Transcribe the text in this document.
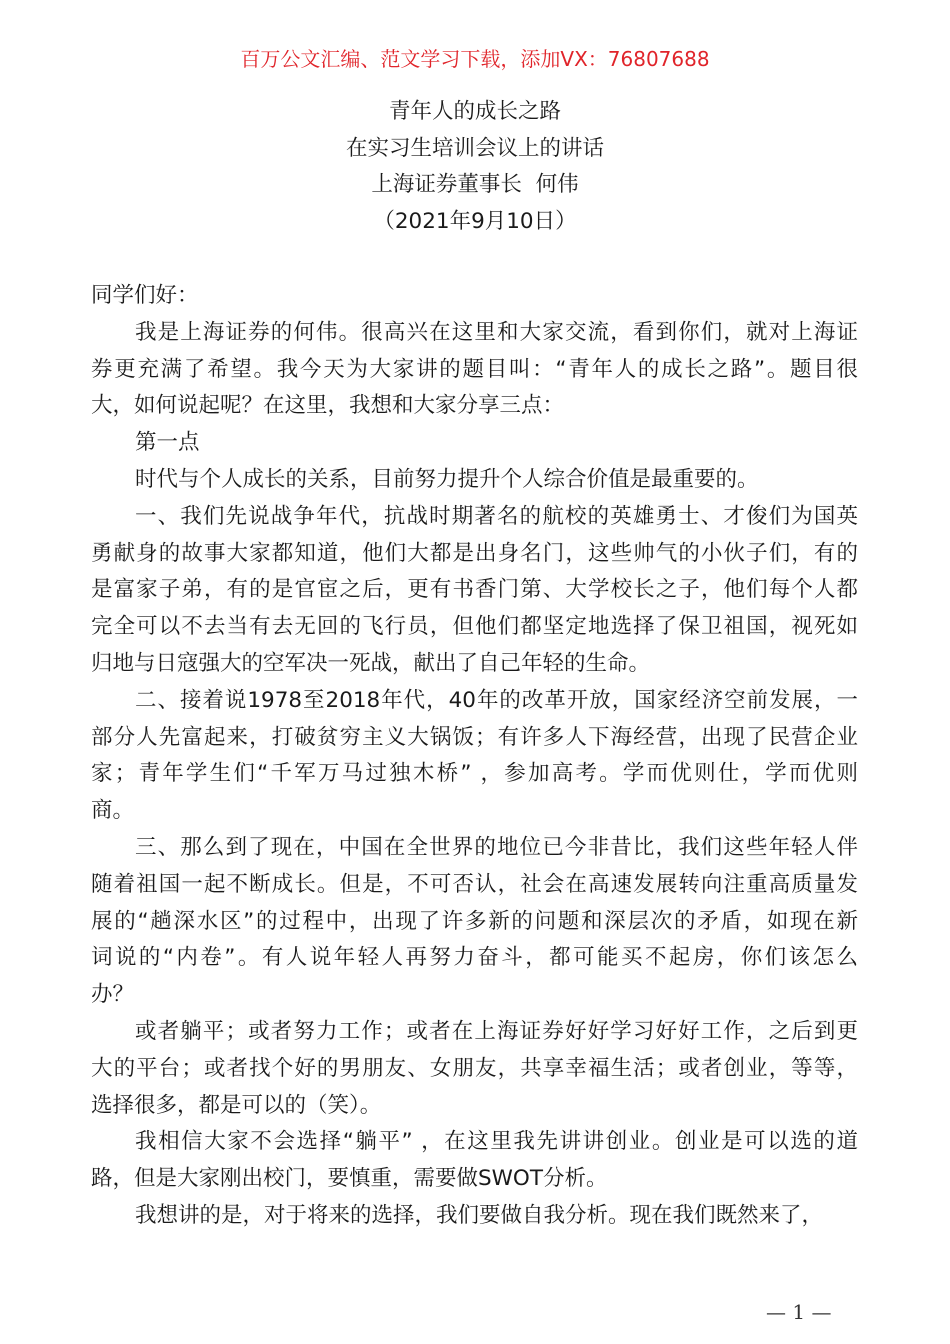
百万公文汇编、范文学习下载，添加VX：76807688
青年人的成长之路
在实习生培训会议上的讲话
上海证券董事长  何伟
（2021年9月10日）
同学们好：
我是上海证券的何伟。很高兴在这里和大家交流，看到你们，就对上海证
券更充满了希望。我今天为大家讲的题目叫：“青年人的成长之路”。题目很
大，如何说起呢？在这里，我想和大家分享三点：
第一点
时代与个人成长的关系，目前努力提升个人综合价值是最重要的。
一、我们先说战争年代，抗战时期著名的航校的英雄勇士、才俊们为国英
勇献身的故事大家都知道，他们大都是出身名门，这些帅气的小伙子们，有的
是富家子弟，有的是官宦之后，更有书香门第、大学校长之子，他们每个人都
完全可以不去当有去无回的飞行员，但他们都坚定地选择了保卫祖国，视死如
归地与日寇强大的空军决一死战，献出了自己年轻的生命。
二、接着说1978至2018年代，40年的改革开放，国家经济空前发展，一
部分人先富起来，打破贫穷主义大锅饭；有许多人下海经营，出现了民营企业
家；青年学生们“千军万马过独木桥” ，参加高考。学而优则仕，学而优则
商。
三、那么到了现在，中国在全世界的地位已今非昔比，我们这些年轻人伴
随着祖国一起不断成长。但是，不可否认，社会在高速发展转向注重高质量发
展的“趟深水区”的过程中，出现了许多新的问题和深层次的矛盾，如现在新
词说的“内卷”。有人说年轻人再努力奋斗，都可能买不起房，你们该怎么
办？
或者躺平；或者努力工作；或者在上海证券好好学习好好工作，之后到更
大的平台；或者找个好的男朋友、女朋友，共享幸福生活；或者创业，等等，
选择很多，都是可以的（笑）。
我相信大家不会选择“躺平” ，在这里我先讲讲创业。创业是可以选的道
路，但是大家刚出校门，要慎重，需要做SWOT分析。
我想讲的是，对于将来的选择，我们要做自我分析。现在我们既然来了，
— 1 —
